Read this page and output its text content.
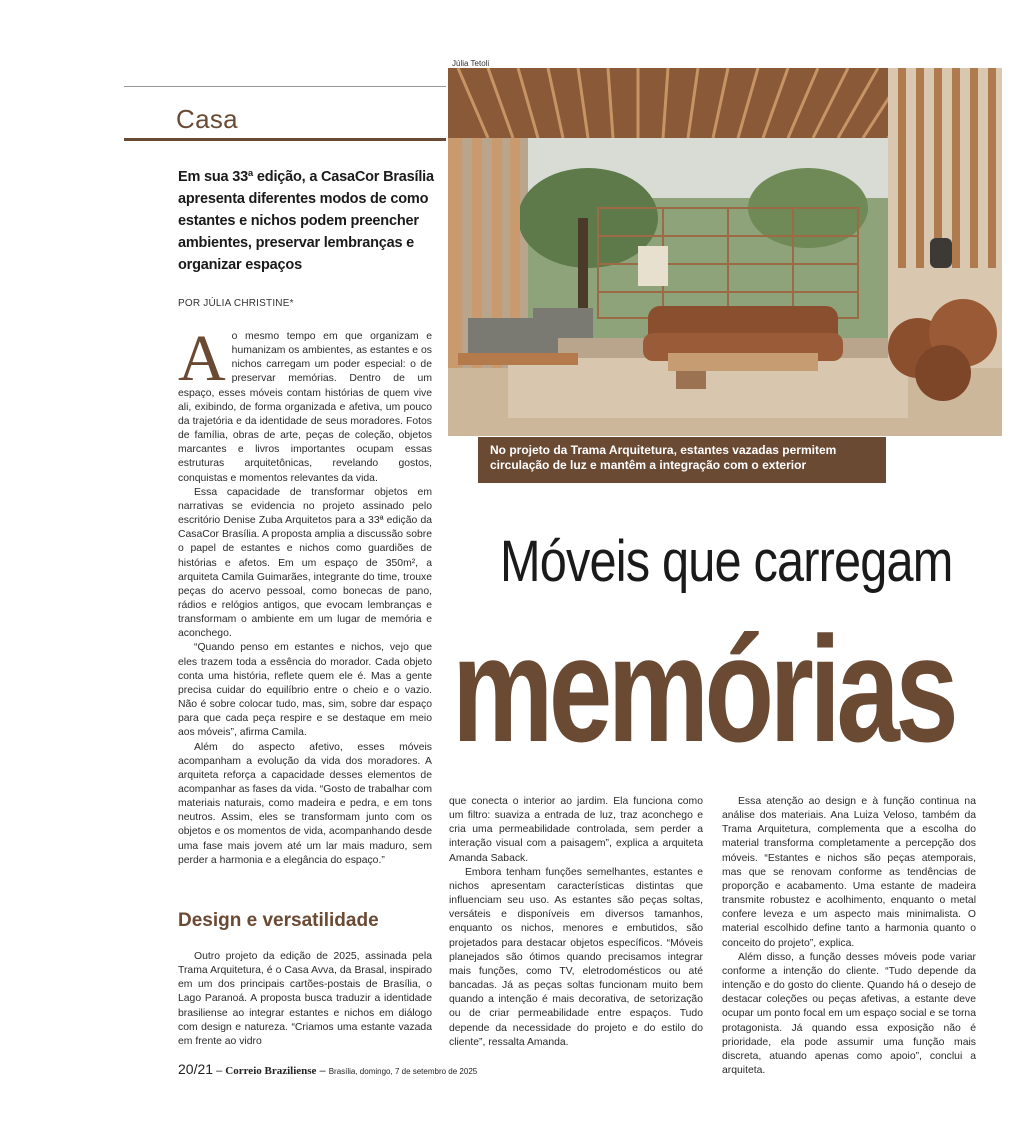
Júlia Tetoli
Casa
No projeto da Trama Arquitetura, estantes vazadas permitem circulação de luz e mantêm a integração com o exterior
Em sua 33ª edição, a CasaCor Brasília apresenta diferentes modos de como estantes e nichos podem preencher ambientes, preservar lembranças e organizar espaços
POR JÚLIA CHRISTINE*
A o mesmo tempo em que organizam e humanizam os ambientes, as estantes e os nichos carregam um poder especial: o de preservar memórias. Dentro de um espaço, esses móveis contam histórias de quem vive ali, exibindo, de forma organizada e afetiva, um pouco da trajetória e da identidade de seus moradores. Fotos de família, obras de arte, peças de coleção, objetos marcantes e livros importantes ocupam essas estruturas arquitetônicas, revelando gostos, conquistas e momentos relevantes da vida.

Essa capacidade de transformar objetos em narrativas se evidencia no projeto assinado pelo escritório Denise Zuba Arquitetos para a 33ª edição da CasaCor Brasília. A proposta amplia a discussão sobre o papel de estantes e nichos como guardiões de histórias e afetos. Em um espaço de 350m², a arquiteta Camila Guimarães, integrante do time, trouxe peças do acervo pessoal, como bonecas de pano, rádios e relógios antigos, que evocam lembranças e transformam o ambiente em um lugar de memória e aconchego.

“Quando penso em estantes e nichos, vejo que eles trazem toda a essência do morador. Cada objeto conta uma história, reflete quem ele é. Mas a gente precisa cuidar do equilíbrio entre o cheio e o vazio. Não é sobre colocar tudo, mas, sim, sobre dar espaço para que cada peça respire e se destaque em meio aos móveis”, afirma Camila.

Além do aspecto afetivo, esses móveis acompanham a evolução da vida dos moradores. A arquiteta reforça a capacidade desses elementos de acompanhar as fases da vida. “Gosto de trabalhar com materiais naturais, como madeira e pedra, e em tons neutros. Assim, eles se transformam junto com os objetos e os momentos de vida, acompanhando desde uma fase mais jovem até um lar mais maduro, sem perder a harmonia e a elegância do espaço.”

Design e versatilidade

Outro projeto da edição de 2025, assinada pela Trama Arquitetura, é o Casa Avva, da Brasal, inspirado em um dos principais cartões-postais de Brasília, o Lago Paranoá. A proposta busca traduzir a identidade brasiliense ao integrar estantes e nichos em diálogo com design e natureza. “Criamos uma estante vazada em frente ao vidro

Móveis que carregam
memórias

que conecta o interior ao jardim. Ela funciona como um filtro: suaviza a entrada de luz, traz aconchego e cria uma permeabilidade controlada, sem perder a interação visual com a paisagem”, explica a arquiteta Amanda Saback.

Embora tenham funções semelhantes, estantes e nichos apresentam características distintas que influenciam seu uso. As estantes são peças soltas, versáteis e disponíveis em diversos tamanhos, enquanto os nichos, menores e embutidos, são projetados para destacar objetos específicos. “Móveis planejados são ótimos quando precisamos integrar mais funções, como TV, eletrodomésticos ou até bancadas. Já as peças soltas funcionam muito bem quando a intenção é mais decorativa, de setorização ou de criar permeabilidade entre espaços. Tudo depende da necessidade do projeto e do estilo do cliente”, ressalta Amanda.

Essa atenção ao design e à função continua na análise dos materiais. Ana Luiza Veloso, também da Trama Arquitetura, complementa que a escolha do material transforma completamente a percepção dos móveis. “Estantes e nichos são peças atemporais, mas que se renovam conforme as tendências de proporção e acabamento. Uma estante de madeira transmite robustez e acolhimento, enquanto o metal confere leveza e um aspecto mais minimalista. O material escolhido define tanto a harmonia quanto o conceito do projeto”, explica.

Além disso, a função desses móveis pode variar conforme a intenção do cliente. “Tudo depende da intenção e do gosto do cliente. Quando há o desejo de destacar coleções ou peças afetivas, a estante deve ocupar um ponto focal em um espaço social e se torna protagonista. Já quando essa exposição não é prioridade, ela pode assumir uma função mais discreta, atuando apenas como apoio”, conclui a arquiteta.

20/21 – Correio Braziliense – Brasília, domingo, 7 de setembro de 2025
